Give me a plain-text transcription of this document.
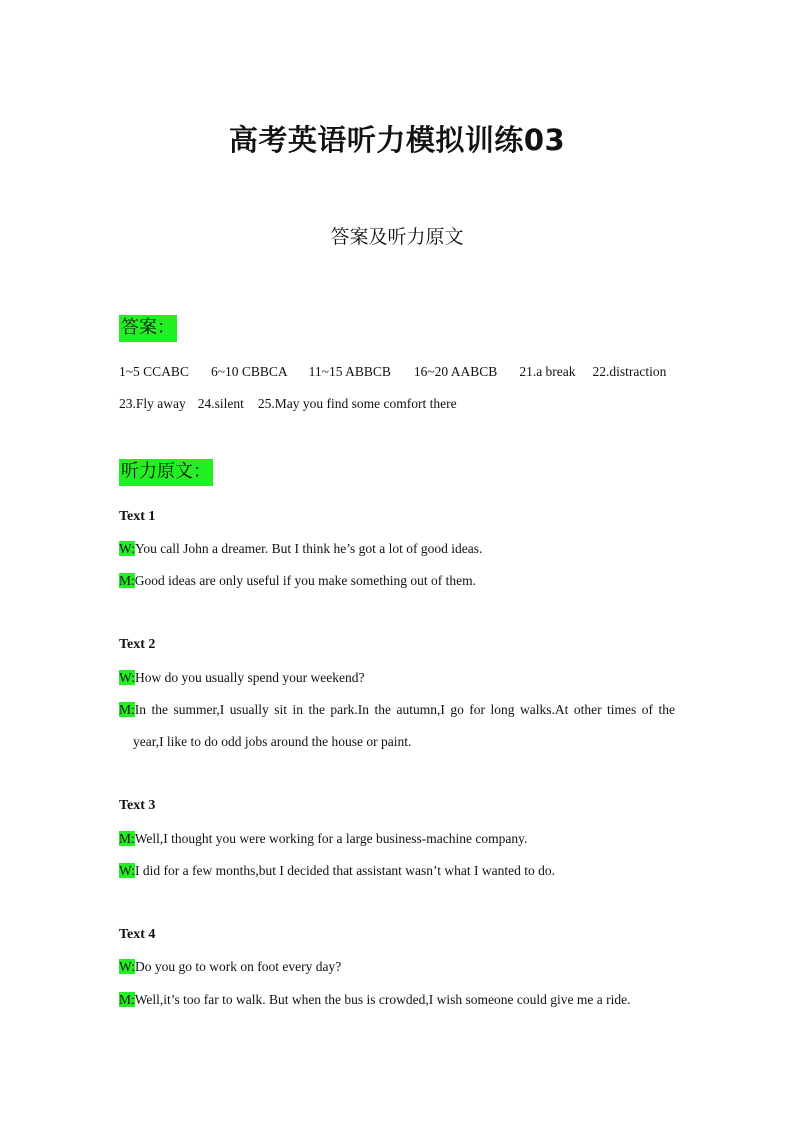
高考英语听力模拟训练03
答案及听力原文
答案：
1~5 CCABC 6~10 CBBCA 11~15 ABBCB 16~20 AABCB 21.a break 22.distraction
23.Fly away 24.silent 25.May you find some comfort there
听力原文：
Text 1
W:You call John a dreamer. But I think he’s got a lot of good ideas.
M:Good ideas are only useful if you make something out of them.
Text 2
W:How do you usually spend your weekend?
M:In the summer,I usually sit in the park.In the autumn,I go for long walks.At other times of the
year,I like to do odd jobs around the house or paint.
Text 3
M:Well,I thought you were working for a large business-machine company.
W:I did for a few months,but I decided that assistant wasn’t what I wanted to do.
Text 4
W:Do you go to work on foot every day?
M:Well,it’s too far to walk. But when the bus is crowded,I wish someone could give me a ride.
